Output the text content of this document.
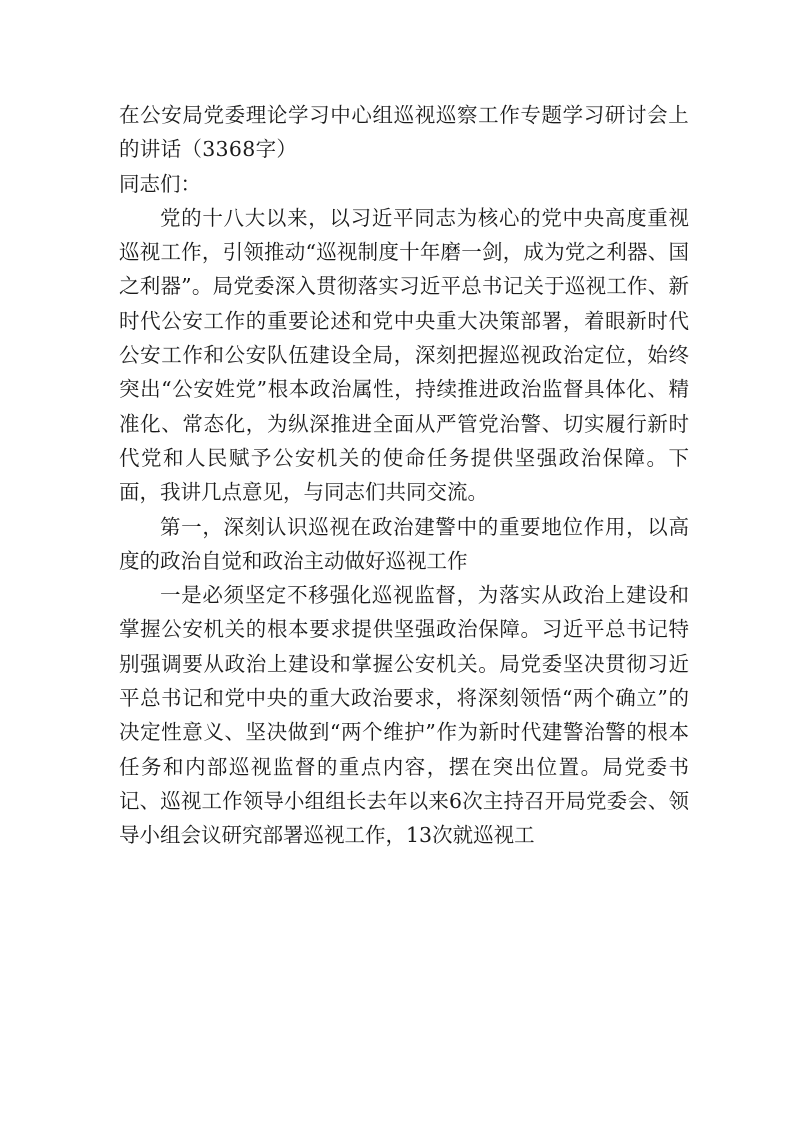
在公安局党委理论学习中心组巡视巡察工作专题学习研讨会上的讲话（3368字）

同志们：

党的十八大以来，以习近平同志为核心的党中央高度重视巡视工作，引领推动“巡视制度十年磨一剑，成为党之利器、国之利器”。局党委深入贯彻落实习近平总书记关于巡视工作、新时代公安工作的重要论述和党中央重大决策部署，着眼新时代公安工作和公安队伍建设全局，深刻把握巡视政治定位，始终突出“公安姓党”根本政治属性，持续推进政治监督具体化、精准化、常态化，为纵深推进全面从严管党治警、切实履行新时代党和人民赋予公安机关的使命任务提供坚强政治保障。下面，我讲几点意见，与同志们共同交流。

第一，深刻认识巡视在政治建警中的重要地位作用，以高度的政治自觉和政治主动做好巡视工作

一是必须坚定不移强化巡视监督，为落实从政治上建设和掌握公安机关的根本要求提供坚强政治保障。习近平总书记特别强调要从政治上建设和掌握公安机关。局党委坚决贯彻习近平总书记和党中央的重大政治要求，将深刻领悟“两个确立”的决定性意义、坚决做到“两个维护”作为新时代建警治警的根本任务和内部巡视监督的重点内容，摆在突出位置。局党委书记、巡视工作领导小组组长去年以来6次主持召开局党委会、领导小组会议研究部署巡视工作，13次就巡视工
